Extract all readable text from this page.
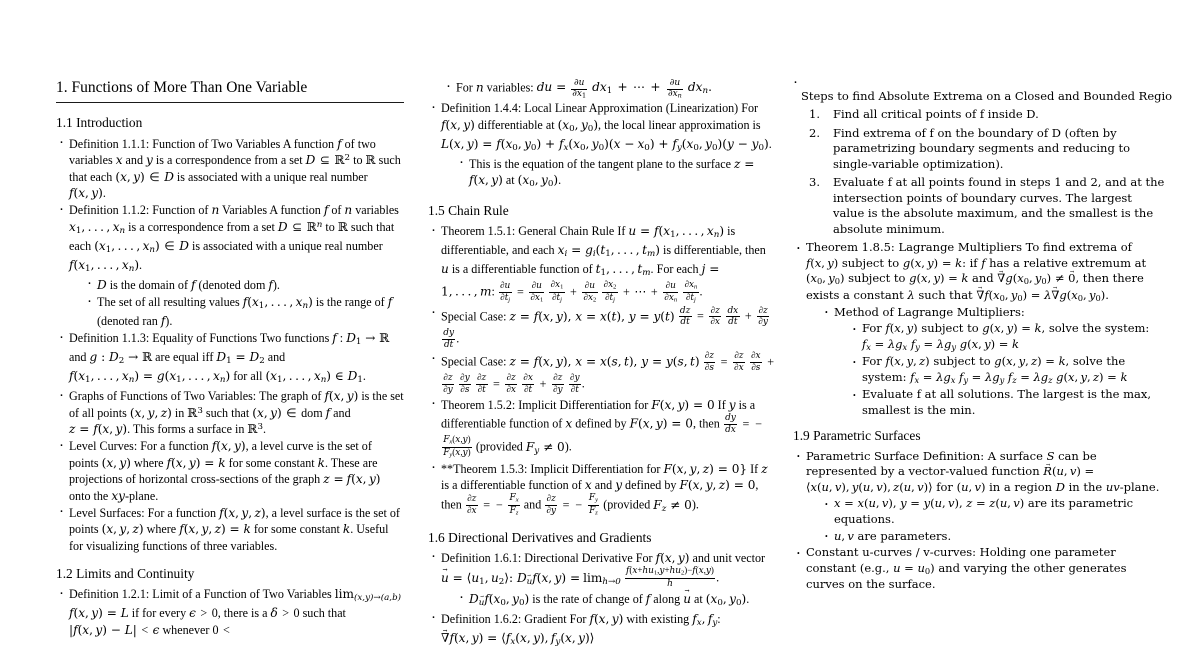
1. Functions of More Than One Variable
1.1 Introduction
· Definition 1.1.1: Function of Two Variables A function f of two variables x and y is a correspondence from a set D ⊆ ℝ$^2$ to ℝ such that each (x, y) ∈ D is associated with a unique real number f(x, y).
· Definition 1.1.2: Function of n Variables A function f of n variables x1, . . . , $x_n$ is a correspondence from a set D ⊆ ℝ$^n$ to ℝ such that each (x1, . . . , $x_n$) ∈ D is associated with a unique real number f(x1, . . . , $x_n$).
· D is the domain of f (denoted dom f).
· The set of all resulting values f(x1, . . . , $x_n$) is the range of f (denoted ran f).
· Definition 1.1.3: Equality of Functions Two functions f : D1 → ℝ and g : D2 → ℝ are equal iff D1 = D2 and f(x1, . . . , $x_n) = g(x1$, . . . , $x_n$) for all (x1, . . . , $x_n$) ∈ D1.
· Graphs of Functions of Two Variables: The graph of f(x, y) is the set of all points (x, y, z) in ℝ$^3$ such that (x, y) ∈ dom f and z = f(x, y). This forms a surface in ℝ$^3$.
· Level Curves: For a function f(x, y), a level curve is the set of points (x, y) where f(x, y) = k for some constant k. These are projections of horizontal cross-sections of the graph z = f(x, y) onto the xy-plane.
· Level Surfaces: For a function f(x, y, z), a level surface is the set of points (x, y, z) where f(x, y, z) = k for some constant k. Useful for visualizing functions of three variables.
1.2 Limits and Continuity
· Definition 1.2.1: Limit of a Function of Two Variables $\lim_{(x,y)\to(a,b)} f(x$, y) = L if for every ϵ > 0, there is a δ > 0 such that |f(x, y) − L| < ϵ whenever 0 <
· For n variables: du = $\frac{\partial u}{\partial x1} dx1$ + ⋯ + $\frac{\partial u}{\partial x_n} dx_n$.
· Definition 1.4.4: Local Linear Approximation (Linearization) For f(x, y) differentiable at (x0, y0), the local linear approximation is L(x, y) = f(x0, $y0) + f_x(x0$, $y0)(x - x0) + f_y(x0$, y0)(y − y0).
· This is the equation of the tangent plane to the surface z = f(x, y) at (x0, y0).
1.5 Chain Rule
· Theorem 1.5.1: General Chain Rule If u = f(x1, . . . , $x_n$) is differentiable, and each $x_i = g_i(t1$, . . . , $t_m$) is differentiable, then u is a differentiable function of t1, . . . , $t_m$. For each j = 1, . . . , m: $\frac{\partial u}{\partial t_j} = \frac{\partial u}{\partial x1}$
$\frac{\partial x1}{\partial t_j} + \frac{\partial u}{\partial x2}$
$\frac{\partial x2}{\partial t_j}$ + ⋯ + $\frac{\partial u}{\partial x_n}$
$\frac{\partial x_n}{\partial t_j}$ .
· Special Case: z = f(x, y), x = x(t), $y = y(t) \frac{dz}{dt} = \frac{\partial z}{\partial x}$
$\frac{dx}{dt} + \frac{\partial z}{\partial y}$

$\frac{dy}{dt}$ .
· Special Case: z = f(x, y), x = x(s, t), y = y(s, $t) \frac{\partial z}{\partial s} = \frac{\partial z}{\partial x}$
$\frac{\partial x}{\partial s}$ +
$\frac{\partial z}{\partial y}$
$\frac{\partial y}{\partial s}$
$\frac{\partial z}{\partial t} = \frac{\partial z}{\partial x}$
$\frac{\partial x}{\partial t} + \frac{\partial z}{\partial y}$
$\frac{\partial y}{\partial t}$ .
· Theorem 1.5.2: Implicit Differentiation for F(x, y) = 0 If y is a differentiable function of x defined by F(x, y) = 0, then $\frac{dy}{dx}$ = −
$\frac{F_x(x,y)}{F_y(x,y)}$ (provided $F_y \ne 0$).
· **Theorem 1.5.3: Implicit Differentiation for F(x, y, z) = 0} If z is a differentiable function of x and y defined by F(x, y, z) = 0, then $\frac{\partial z}{\partial x}$ = − $\frac{F_x}{F_z}$ and $\frac{\partial z}{\partial y}$ = − $\frac{F_y}{F_z}$ (provided $F_z \ne 0$).
1.6 Directional Derivatives and Gradients
· Definition 1.6.1: Directional Derivative For f(x, y) and unit vector u → = ⟨u1, u2⟩: $D_u \to f(x$, $y) = \lim_{h\to 0} \frac{f(x+hu1,y+hu2)-f(x,y)}{h}$ .
· $D_u \to f(x0$, y0) is the rate of change of f along u → at (x0, y0).
· Definition 1.6.2: Gradient For f(x, y) with existing $f_x$, $f_y$: ∇ →f(x, $y) = ⟨f_x(x$, y), $f_y(x$, y)⟩
·
Steps to find Absolute Extrema on a Closed and Bounded Regio
Find all critical points of f inside D.
Find extrema of f on the boundary of D (often by parametrizing boundary segments and reducing to single-variable optimization).
Evaluate f at all points found in steps 1 and 2, and at the intersection points of boundary curves. The largest value is the absolute maximum, and the smallest is the absolute minimum.
· Theorem 1.8.5: Lagrange Multipliers To find extrema of f(x, y) subject to g(x, y) = k: if f has a relative extremum at (x0, y0) subject to g(x, y) = k and ∇ →g(x0, y0) ≠ 0 →, then there exists a constant λ such that ∇ →f(x0, y0) = λ∇ →g(x0, y0).
· Method of Lagrange Multipliers:
· For f(x, y) subject to g(x, y) = k, solve the system: $f_x = \lambda g_x$ $f_y = \lambda g_y$ g(x, y) = k
· For f(x, y, z) subject to g(x, y, z) = k, solve the system: $f_x = \lambda g_x$ $f_y = \lambda g_y$ $f_z = \lambda g_z$ g(x, y, z) = k
· Evaluate f at all solutions. The largest is the max, smallest is the min.
1.9 Parametric Surfaces
· Parametric Surface Definition: A surface S can be represented by a vector-valued function R →(u, v) = ⟨x(u, v), y(u, v), z(u, v)⟩ for (u, v) in a region D in the uv-plane.
· x = x(u, v), y = y(u, v), z = z(u, v) are its parametric equations.
· u, v are parameters.
· Constant u-curves / v-curves: Holding one parameter constant (e.g., u = u0) and varying the other generates curves on the surface.
